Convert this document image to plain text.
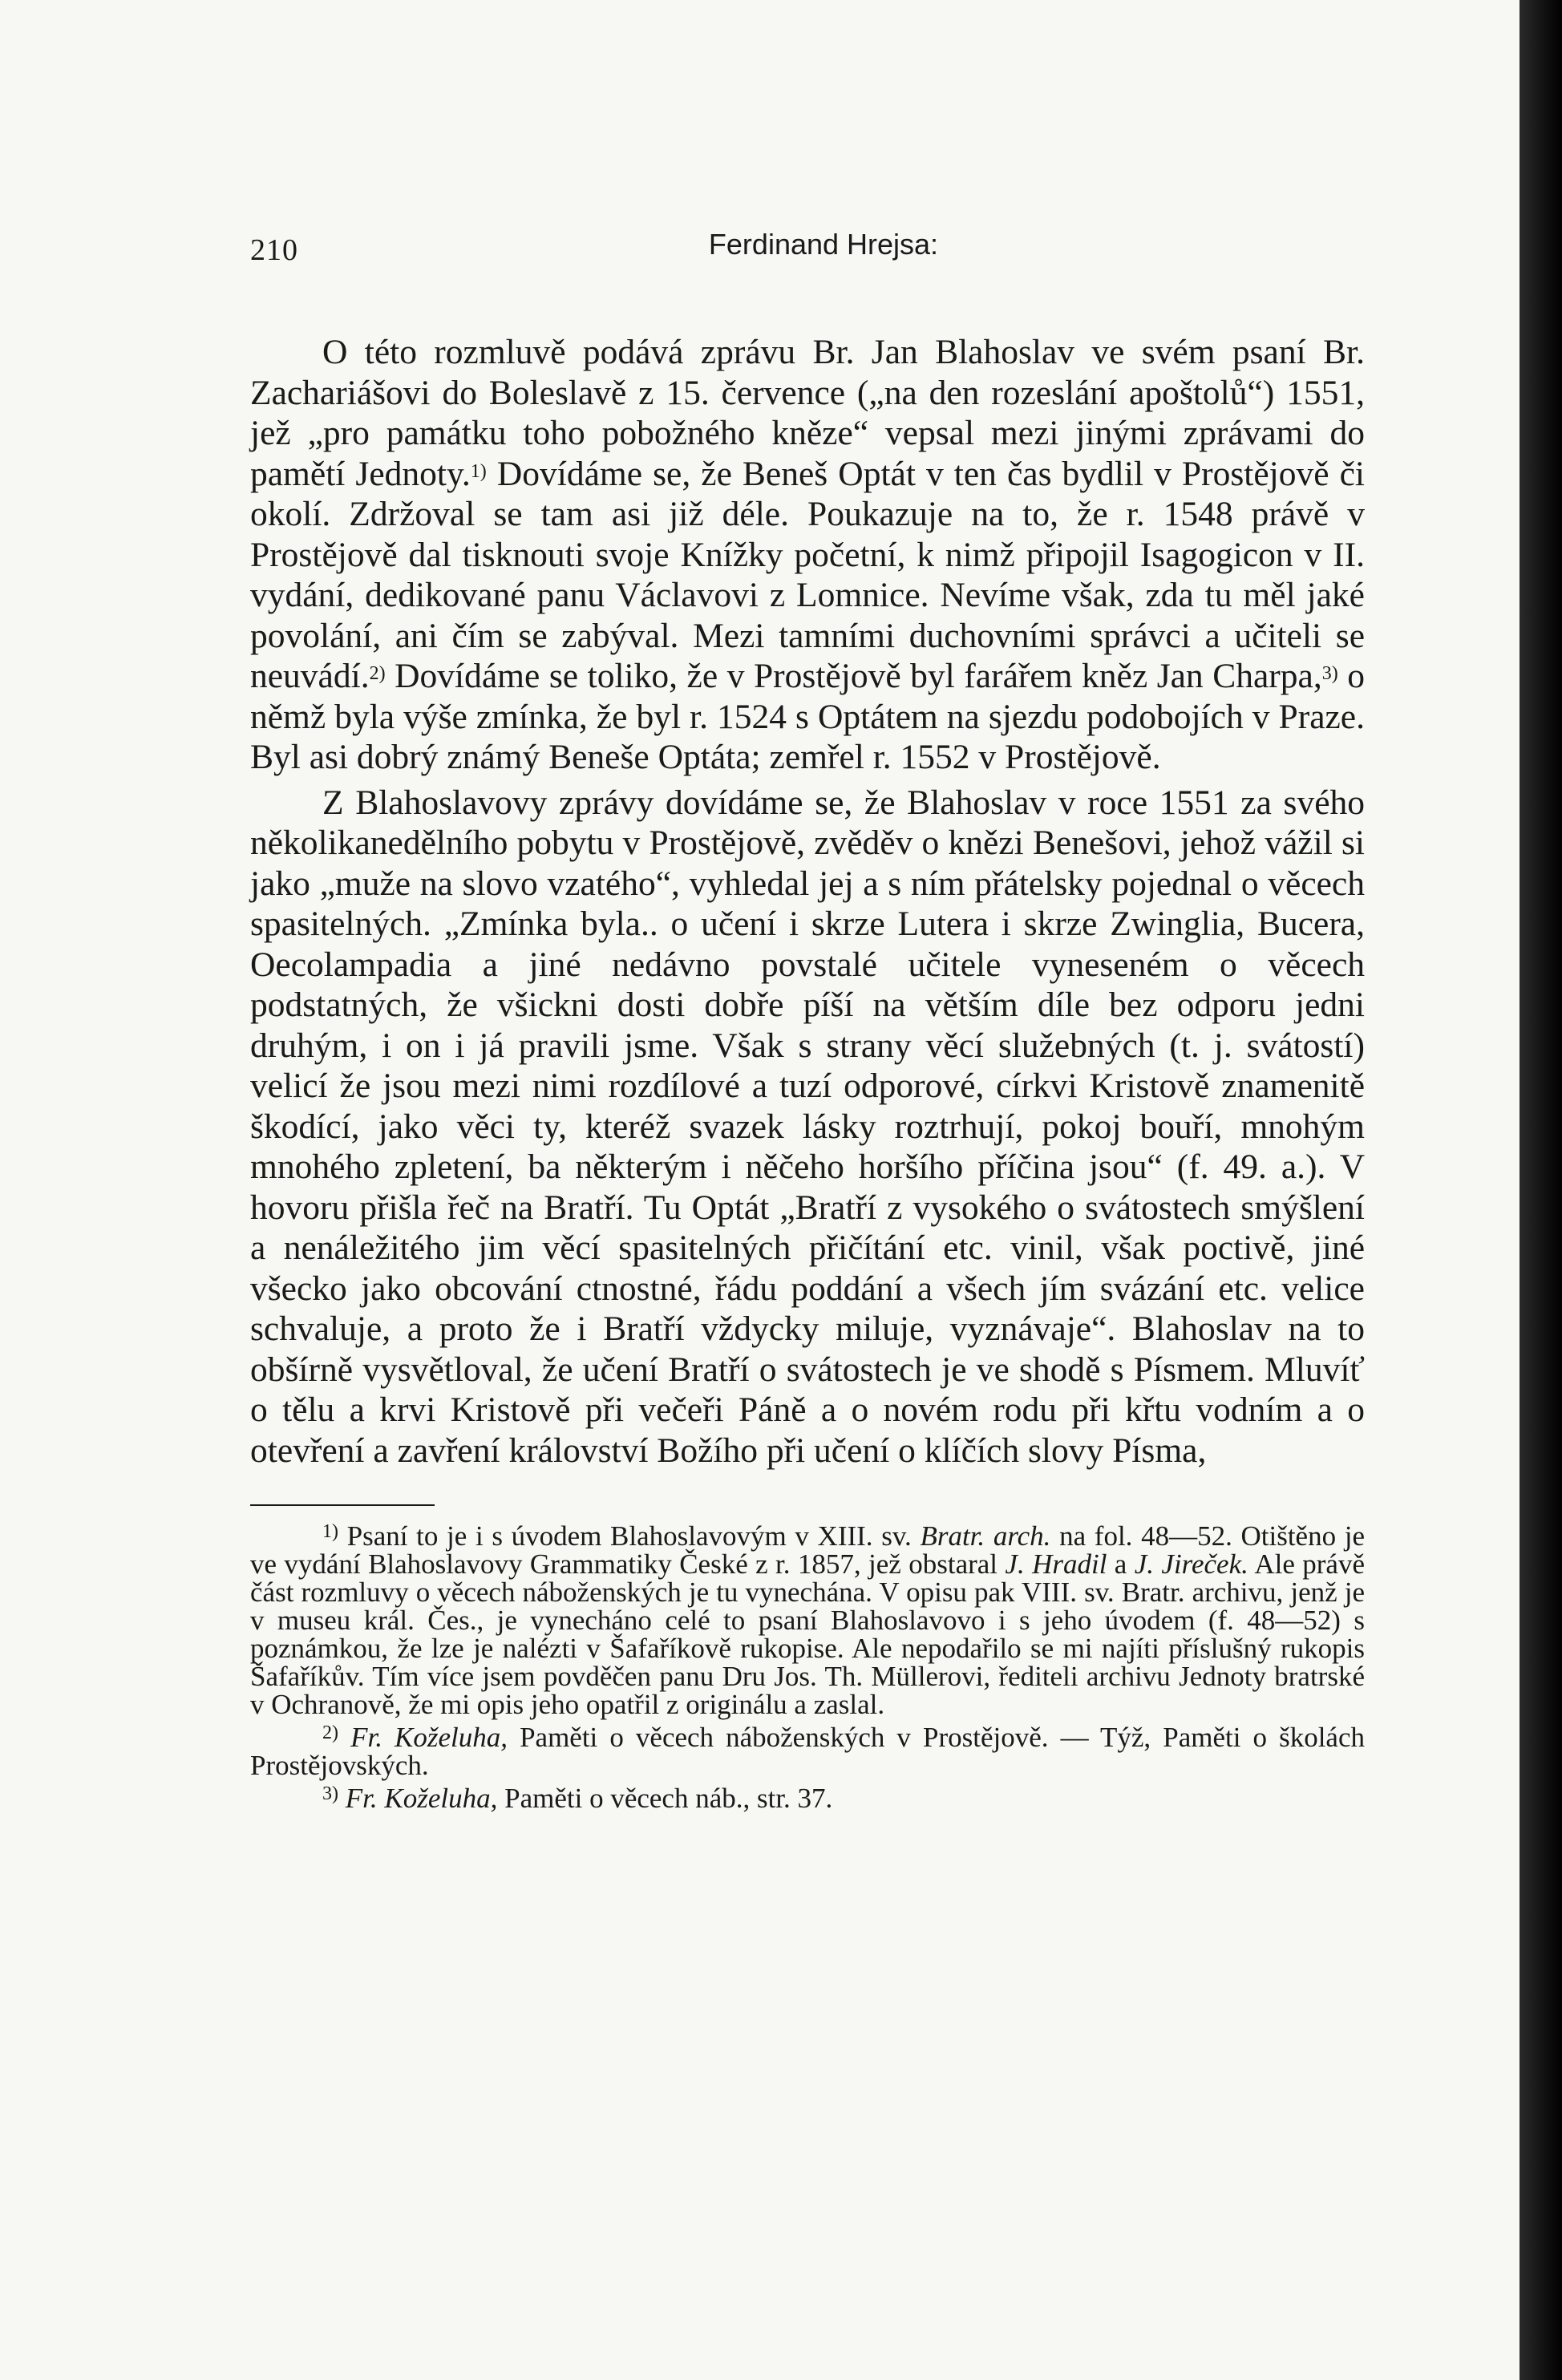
210	Ferdinand Hrejsa:

O této rozmluvě podává zprávu Br. Jan Blahoslav ve svém psaní Br. Zachariášovi do Boleslavě z 15. července („na den rozeslání apoštolů“) 1551, jež „pro památku toho pobožného kněze“ vepsal mezi jinými zprávami do pamětí Jednoty.$^{1)}$ Dovídáme se, že Beneš Optát v ten čas bydlil v Prostějově či okolí. Zdržoval se tam asi již déle. Poukazuje na to, že r. 1548 právě v Prostějově dal tisknouti svoje Knížky početní, k nimž připojil Isagogicon v II. vydání, dedikované panu Václavovi z Lomnice. Nevíme však, zda tu měl jaké povolání, ani čím se zabýval. Mezi tamními duchovními správci a učiteli se neuvádí.$^{2)}$ Dovídáme se toliko, že v Prostějově byl farářem kněz Jan Charpa,$^{3)}$ o němž byla výše zmínka, že byl r. 1524 s Optátem na sjezdu podobojích v Praze. Byl asi dobrý známý Beneše Optáta; zemřel r. 1552 v Prostějově.

Z Blahoslavovy zprávy dovídáme se, že Blahoslav v roce 1551 za svého několikanedělního pobytu v Prostějově, zvěděv o knězi Benešovi, jehož vážil si jako „muže na slovo vzatého“, vyhledal jej a s ním přátelsky pojednal o věcech spasitelných. „Zmínka byla.. o učení i skrze Lutera i skrze Zwinglia, Bucera, Oecolampadia a jiné nedávno povstalé učitele vyneseném o věcech podstatných, že všickni dosti dobře píší na větším díle bez odporu jedni druhým, i on i já pravili jsme. Však s strany věcí služebných (t. j. svátostí) velicí že jsou mezi nimi rozdílové a tuzí odporové, církvi Kristově znamenitě škodící, jako věci ty, kteréž svazek lásky roztrhují, pokoj bouří, mnohým mnohého zpletení, ba některým i něčeho horšího příčina jsou“ (f. 49. a.). V hovoru přišla řeč na Bratří. Tu Optát „Bratří z vysokého o svátostech smýšlení a nenáležitého jim věcí spasitelných přičítání etc. vinil, však poctivě, jiné všecko jako obcování ctnostné, řádu poddání a všech jím svázání etc. velice schvaluje, a proto že i Bratří vždycky miluje, vyznávaje“. Blahoslav na to obšírně vysvětloval, že učení Bratří o svátostech je ve shodě s Písmem. Mluvíť o tělu a krvi Kristově při večeři Páně a o novém rodu při křtu vodním a o otevření a zavření království Božího při učení o klíčích slovy Písma,

$^{1)}$ Psaní to je i s úvodem Blahoslavovým v XIII. sv. Bratr. arch. na fol. 48—52. Otištěno je ve vydání Blahoslavovy Grammatiky České z r. 1857, jež obstaral J. Hradil a J. Jireček. Ale právě část rozmluvy o věcech náboženských je tu vynechána. V opisu pak VIII. sv. Bratr. archivu, jenž je v museu král. Čes., je vynecháno celé to psaní Blahoslavovo i s jeho úvodem (f. 48—52) s poznámkou, že lze je nalézti v Šafaříkově rukopise. Ale nepodařilo se mi najíti příslušný rukopis Šafaříkův. Tím více jsem povděčen panu Dru Jos. Th. Müllerovi, řediteli archivu Jednoty bratrské v Ochranově, že mi opis jeho opatřil z originálu a zaslal.

$^{2)}$ Fr. Koželuha, Paměti o věcech náboženských v Prostějově. — Týž, Paměti o školách Prostějovských.

$^{3)}$ Fr. Koželuha, Paměti o věcech náb., str. 37.
